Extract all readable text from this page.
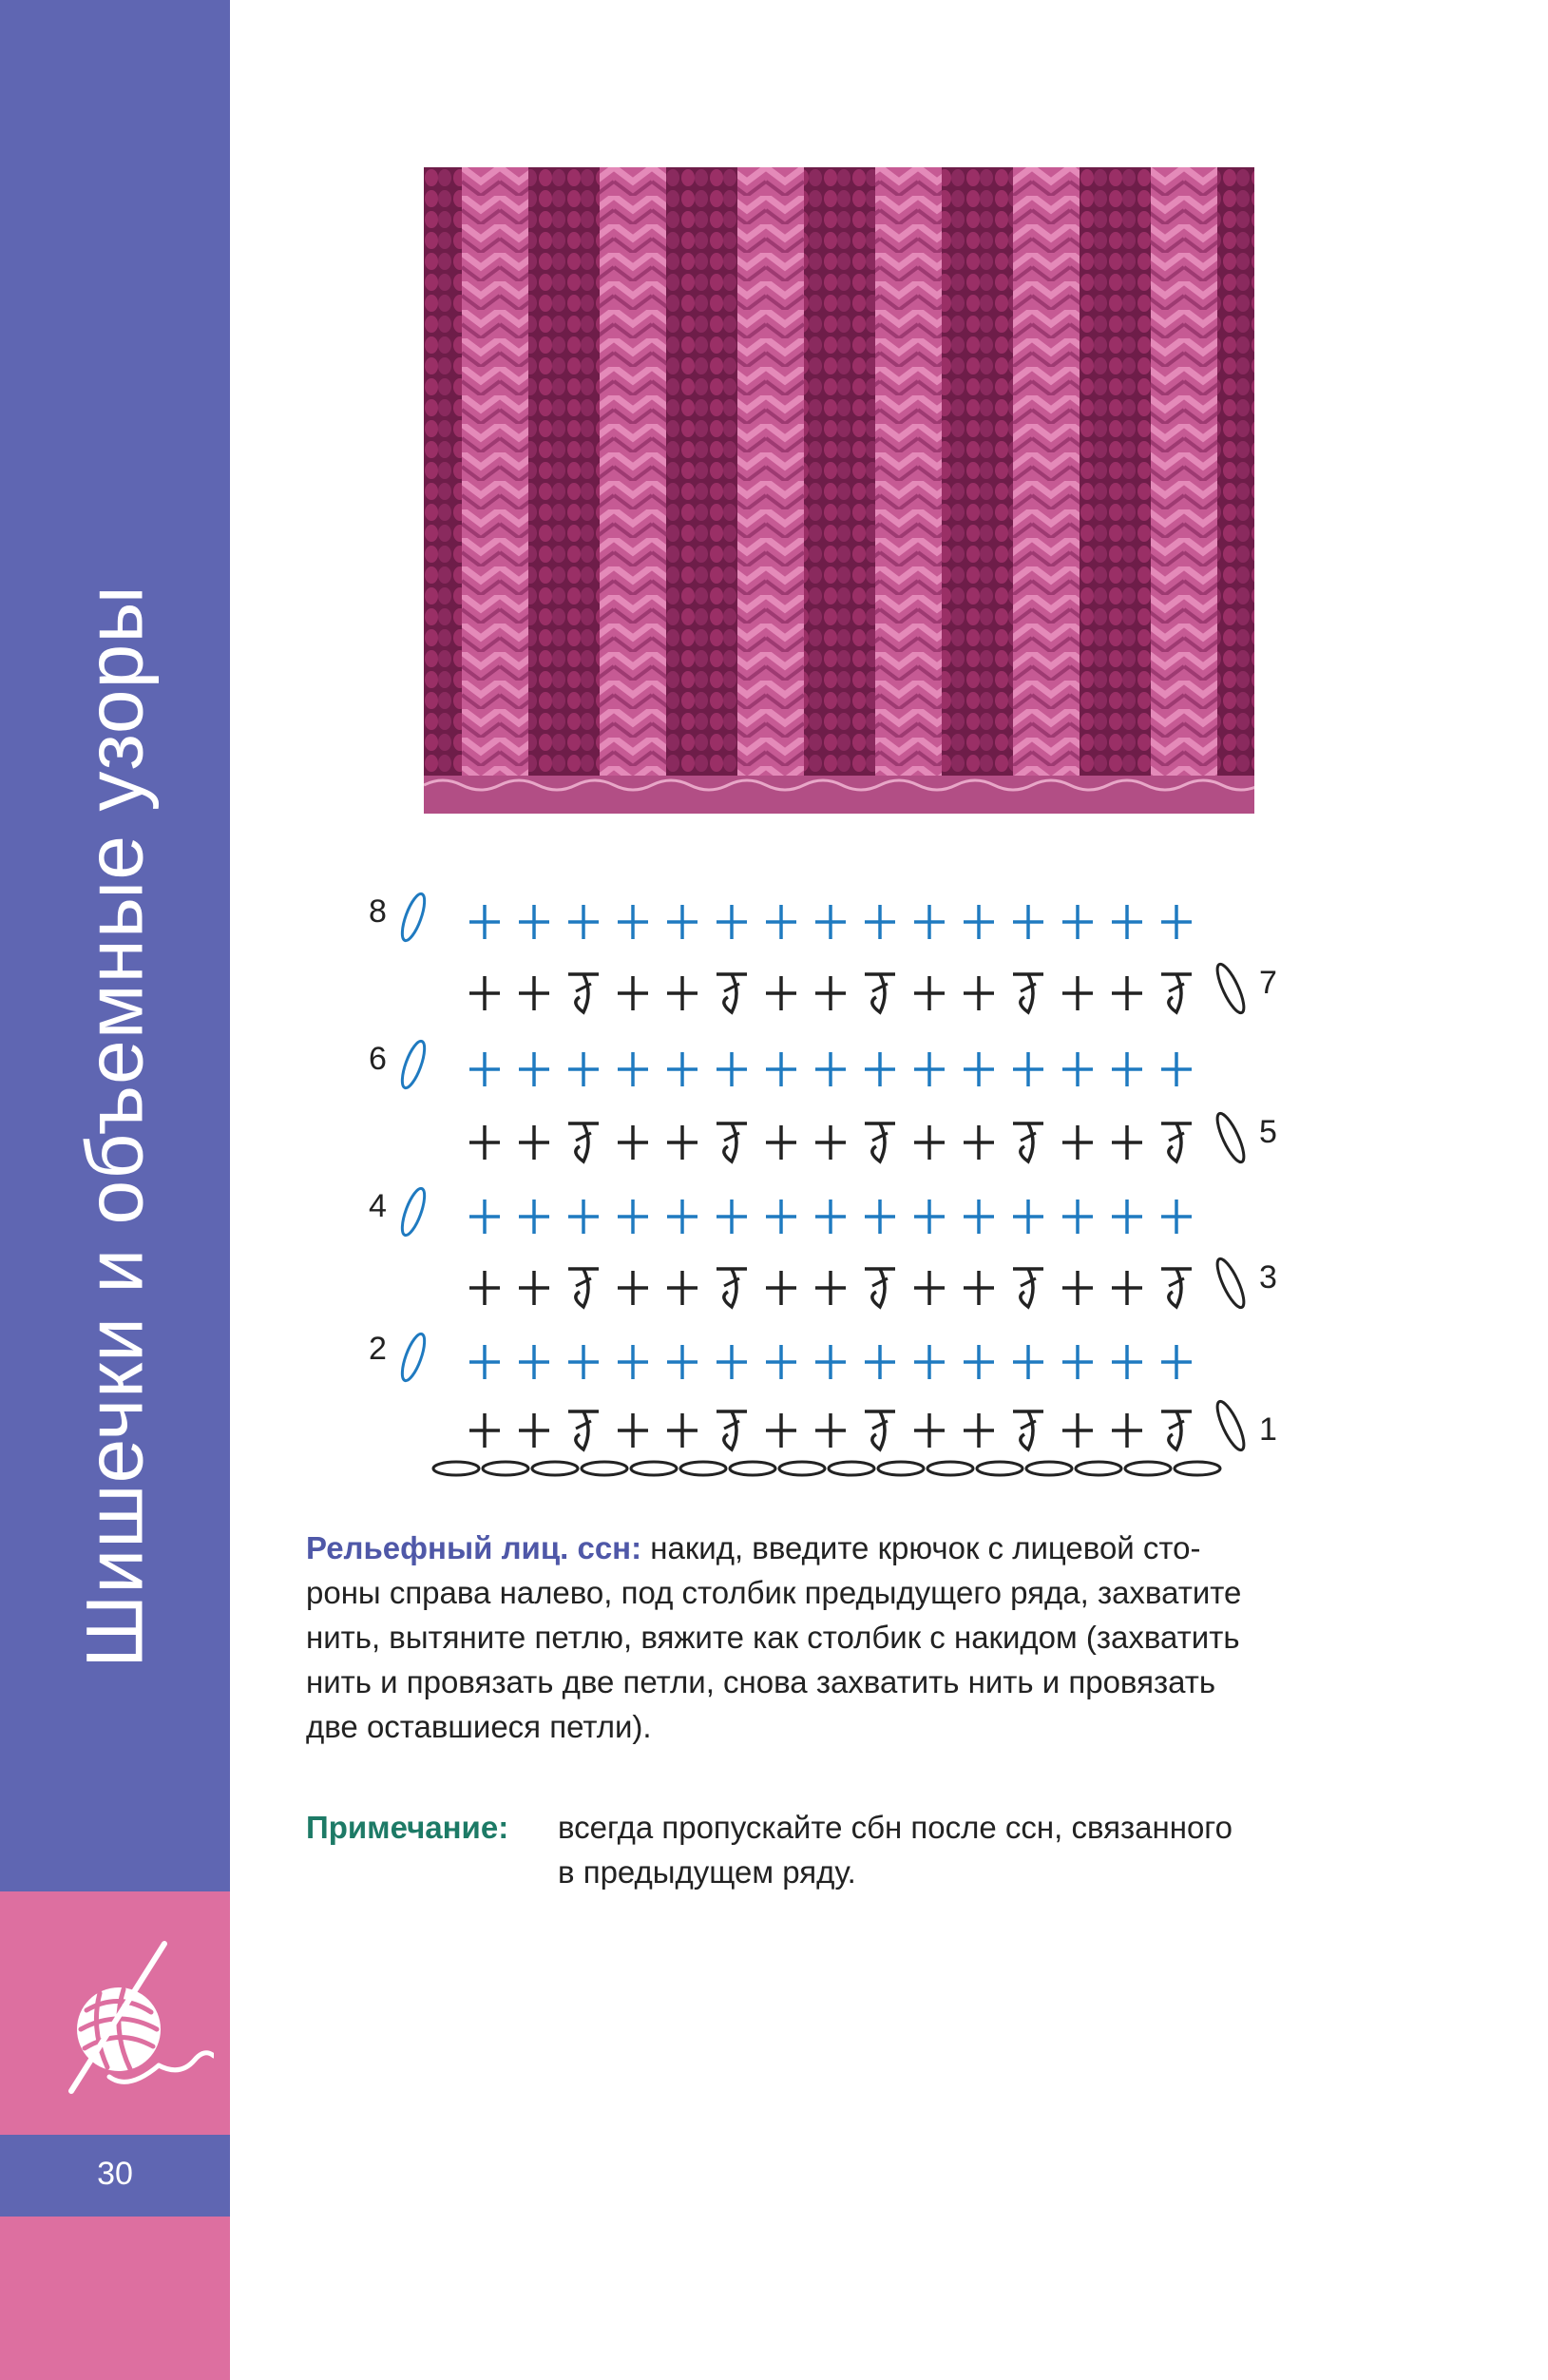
Шишечки и объемные узоры
30
8
6
4
2
7
5
3
1
Рельефный лиц. ссн: накид, введите крючок с лицевой сто-
роны справа налево, под столбик предыдущего ряда, захватите
нить, вытяните петлю, вяжите как столбик с накидом (захватить
нить и провязать две петли, снова захватить нить и провязать
две оставшиеся петли).
Примечание:	всегда пропускайте сбн после ссн, связанного
в предыдущем ряду.
